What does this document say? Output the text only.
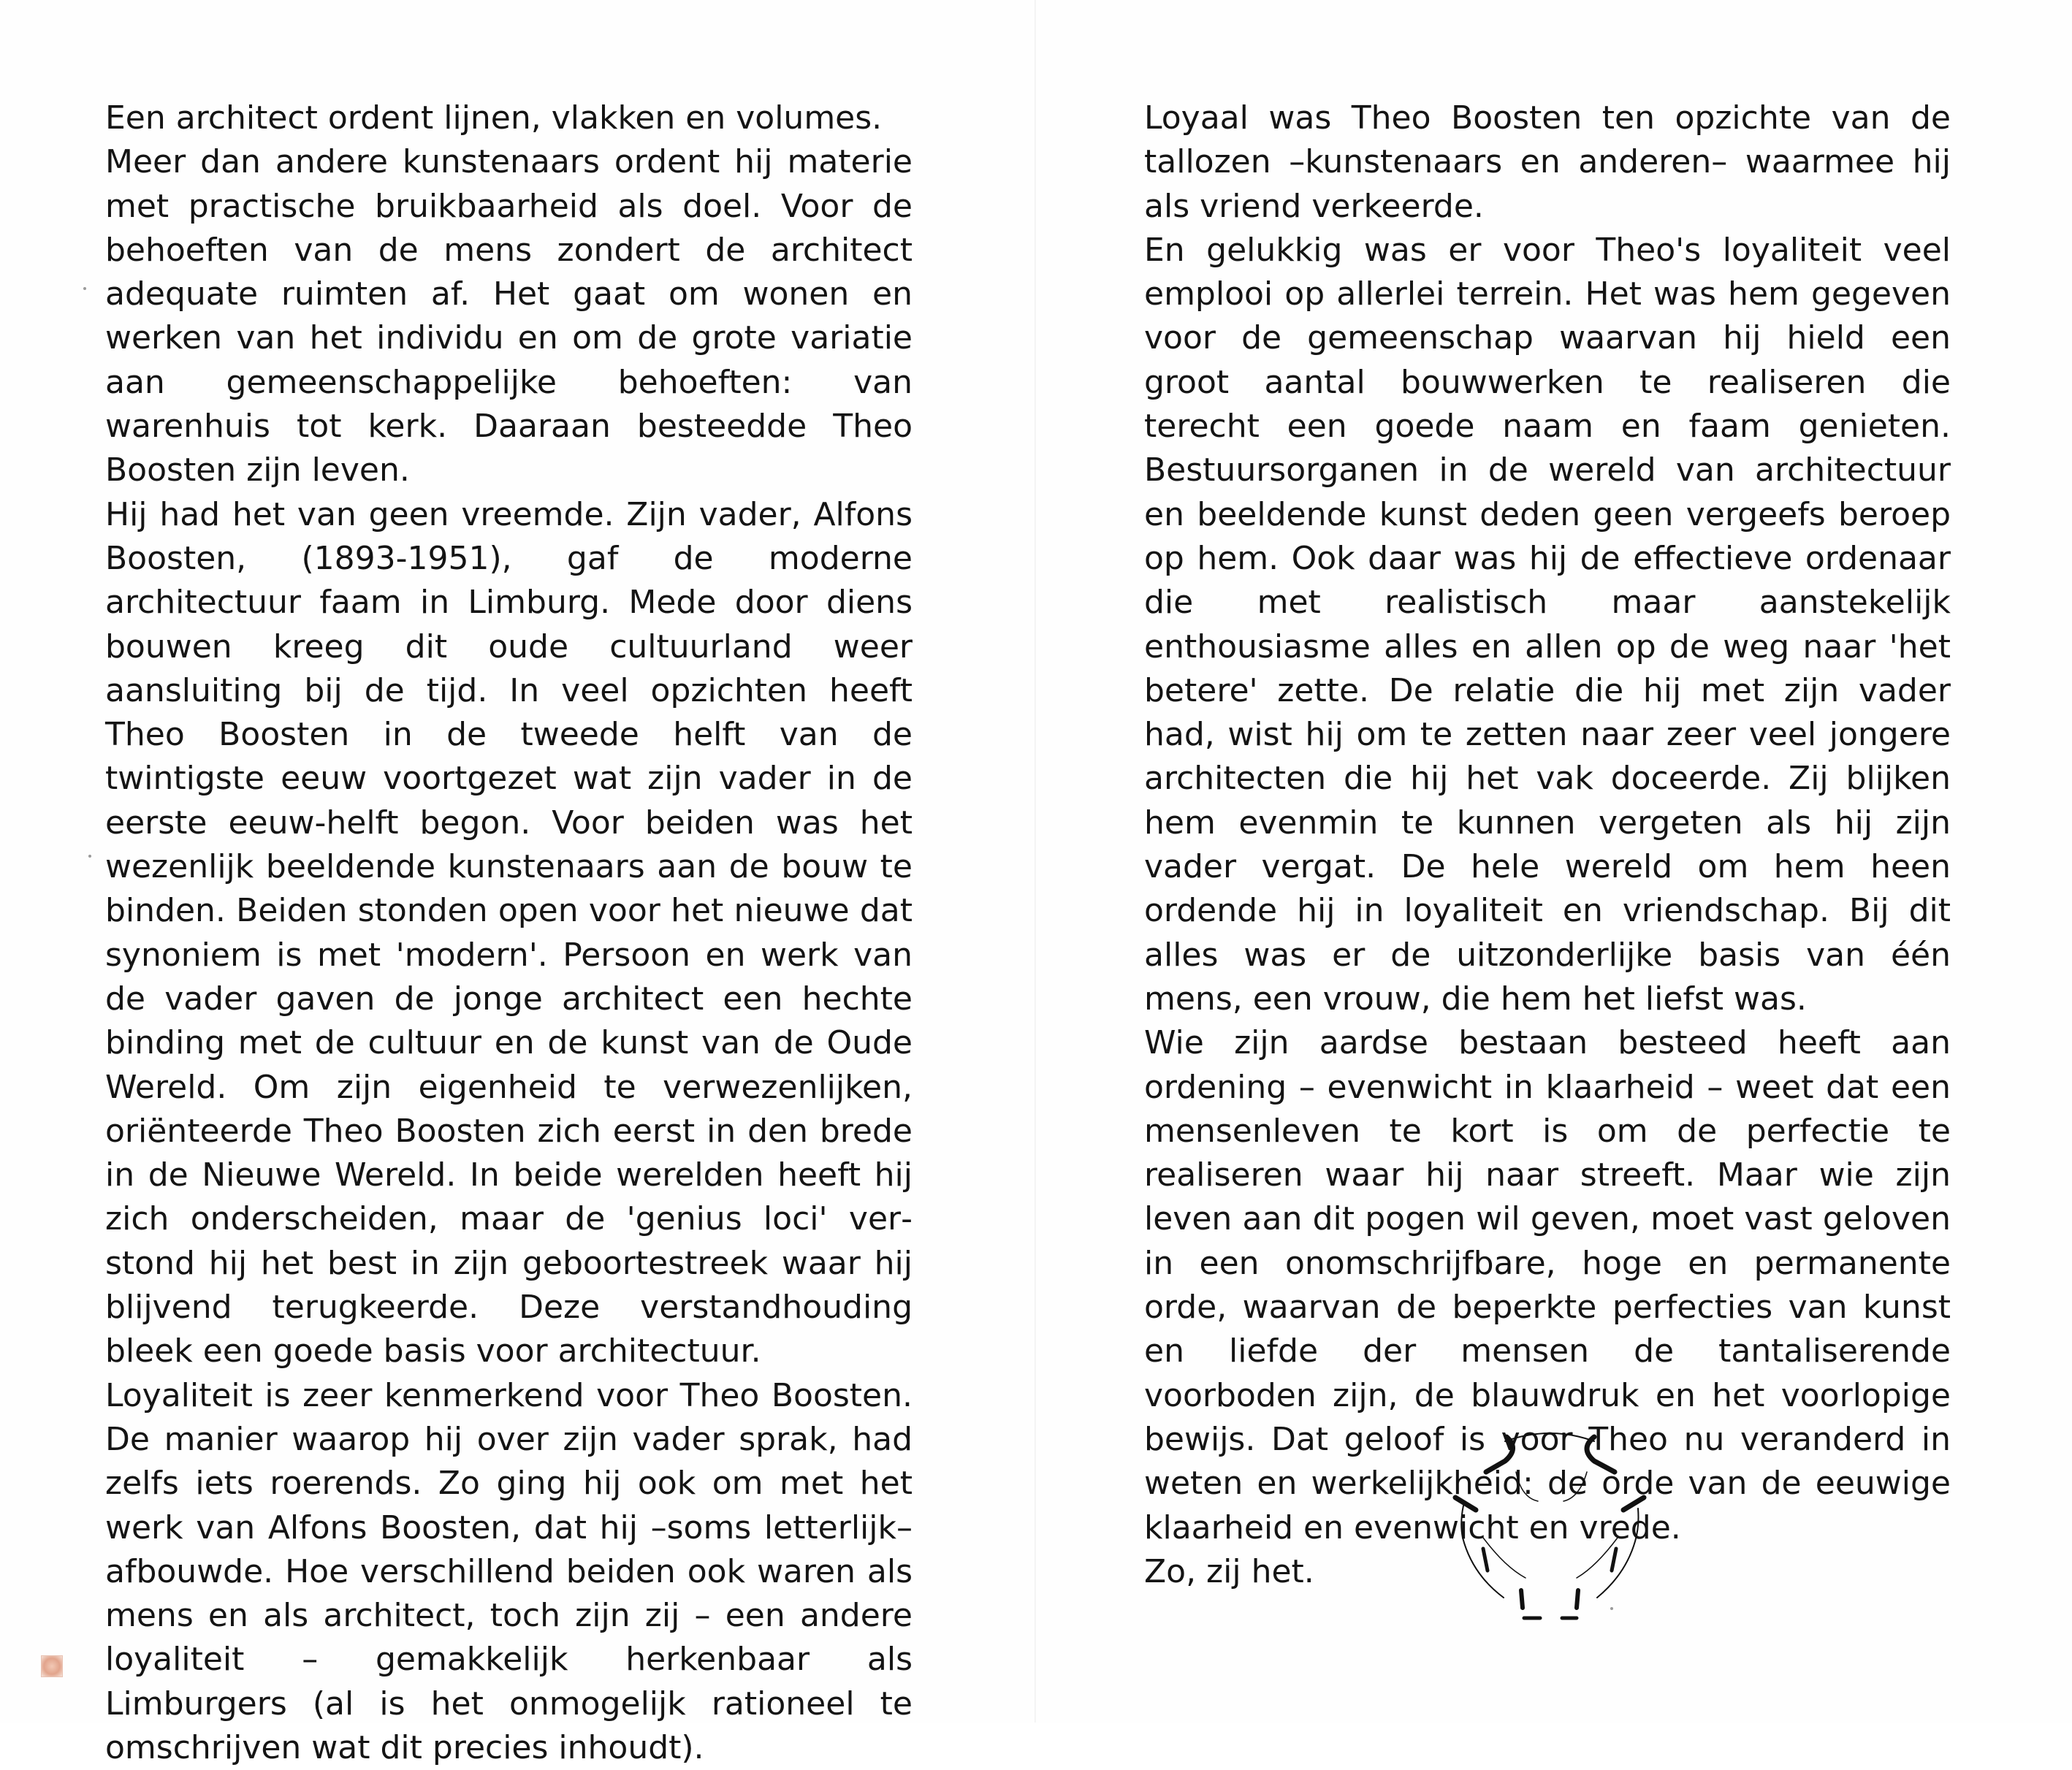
Een architect ordent lijnen, vlakken en volumes.

Meer dan andere kunstenaars ordent hij materie met practische bruikbaarheid als doel. Voor de behoeften van de mens zondert de architect adequate ruimten af. Het gaat om wonen en werken van het individu en om de grote variatie aan gemeenschappelijke behoeften: van warenhuis tot kerk. Daaraan besteedde Theo Boosten zijn leven.

Hij had het van geen vreemde. Zijn vader, Alfons Boosten, (1893-1951), gaf de moderne architectuur faam in Limburg. Mede door diens bouwen kreeg dit oude cultuurland weer aansluiting bij de tijd. In veel opzichten heeft Theo Boosten in de tweede helft van de twintigste eeuw voortgezet wat zijn vader in de eerste eeuw-helft begon. Voor beiden was het wezenlijk beeldende kunstenaars aan de bouw te binden. Beiden stonden open voor het nieuwe dat synoniem is met 'modern'. Persoon en werk van de vader gaven de jonge architect een hechte binding met de cultuur en de kunst van de Oude Wereld. Om zijn eigenheid te verwezenlijken, oriënteerde Theo Boosten zich eerst in den brede in de Nieuwe Wereld. In beide werelden heeft hij zich onderscheiden, maar de 'genius loci' verstond hij het best in zijn geboortestreek waar hij blijvend terugkeerde. Deze verstandhouding bleek een goede basis voor architectuur.

Loyaliteit is zeer kenmerkend voor Theo Boosten. De manier waarop hij over zijn vader sprak, had zelfs iets roerends. Zo ging hij ook om met het werk van Alfons Boosten, dat hij –soms letterlijk– afbouwde. Hoe verschillend beiden ook waren als mens en als architect, toch zijn zij – een andere loyaliteit – gemakkelijk herkenbaar als Limburgers (al is het onmogelijk rationeel te omschrijven wat dit precies inhoudt).

Loyaal was Theo Boosten ten opzichte van de tallozen –kunstenaars en anderen– waarmee hij als vriend verkeerde.

En gelukkig was er voor Theo's loyaliteit veel emplooi op allerlei terrein. Het was hem gegeven voor de gemeenschap waarvan hij hield een groot aantal bouwwerken te realiseren die terecht een goede naam en faam genieten. Bestuursorganen in de wereld van architectuur en beeldende kunst deden geen vergeefs beroep op hem. Ook daar was hij de effectieve ordenaar die met realistisch maar aanstekelijk enthousiasme alles en allen op de weg naar 'het betere' zette. De relatie die hij met zijn vader had, wist hij om te zetten naar zeer veel jongere architecten die hij het vak doceerde. Zij blijken hem evenmin te kunnen vergeten als hij zijn vader vergat. De hele wereld om hem heen ordende hij in loyaliteit en vriendschap. Bij dit alles was er de uitzonderlijke basis van één mens, een vrouw, die hem het liefst was.

Wie zijn aardse bestaan besteed heeft aan ordening – evenwicht in klaarheid – weet dat een mensenleven te kort is om de perfectie te realiseren waar hij naar streeft. Maar wie zijn leven aan dit pogen wil geven, moet vast geloven in een onomschrijfbare, hoge en permanente orde, waarvan de beperkte perfecties van kunst en liefde der mensen de tantaliserende voorboden zijn, de blauwdruk en het voorlopige bewijs. Dat geloof is voor Theo nu veranderd in weten en werkelijkheid: de orde van de eeuwige klaarheid en evenwicht en vrede.

Zo, zij het.
